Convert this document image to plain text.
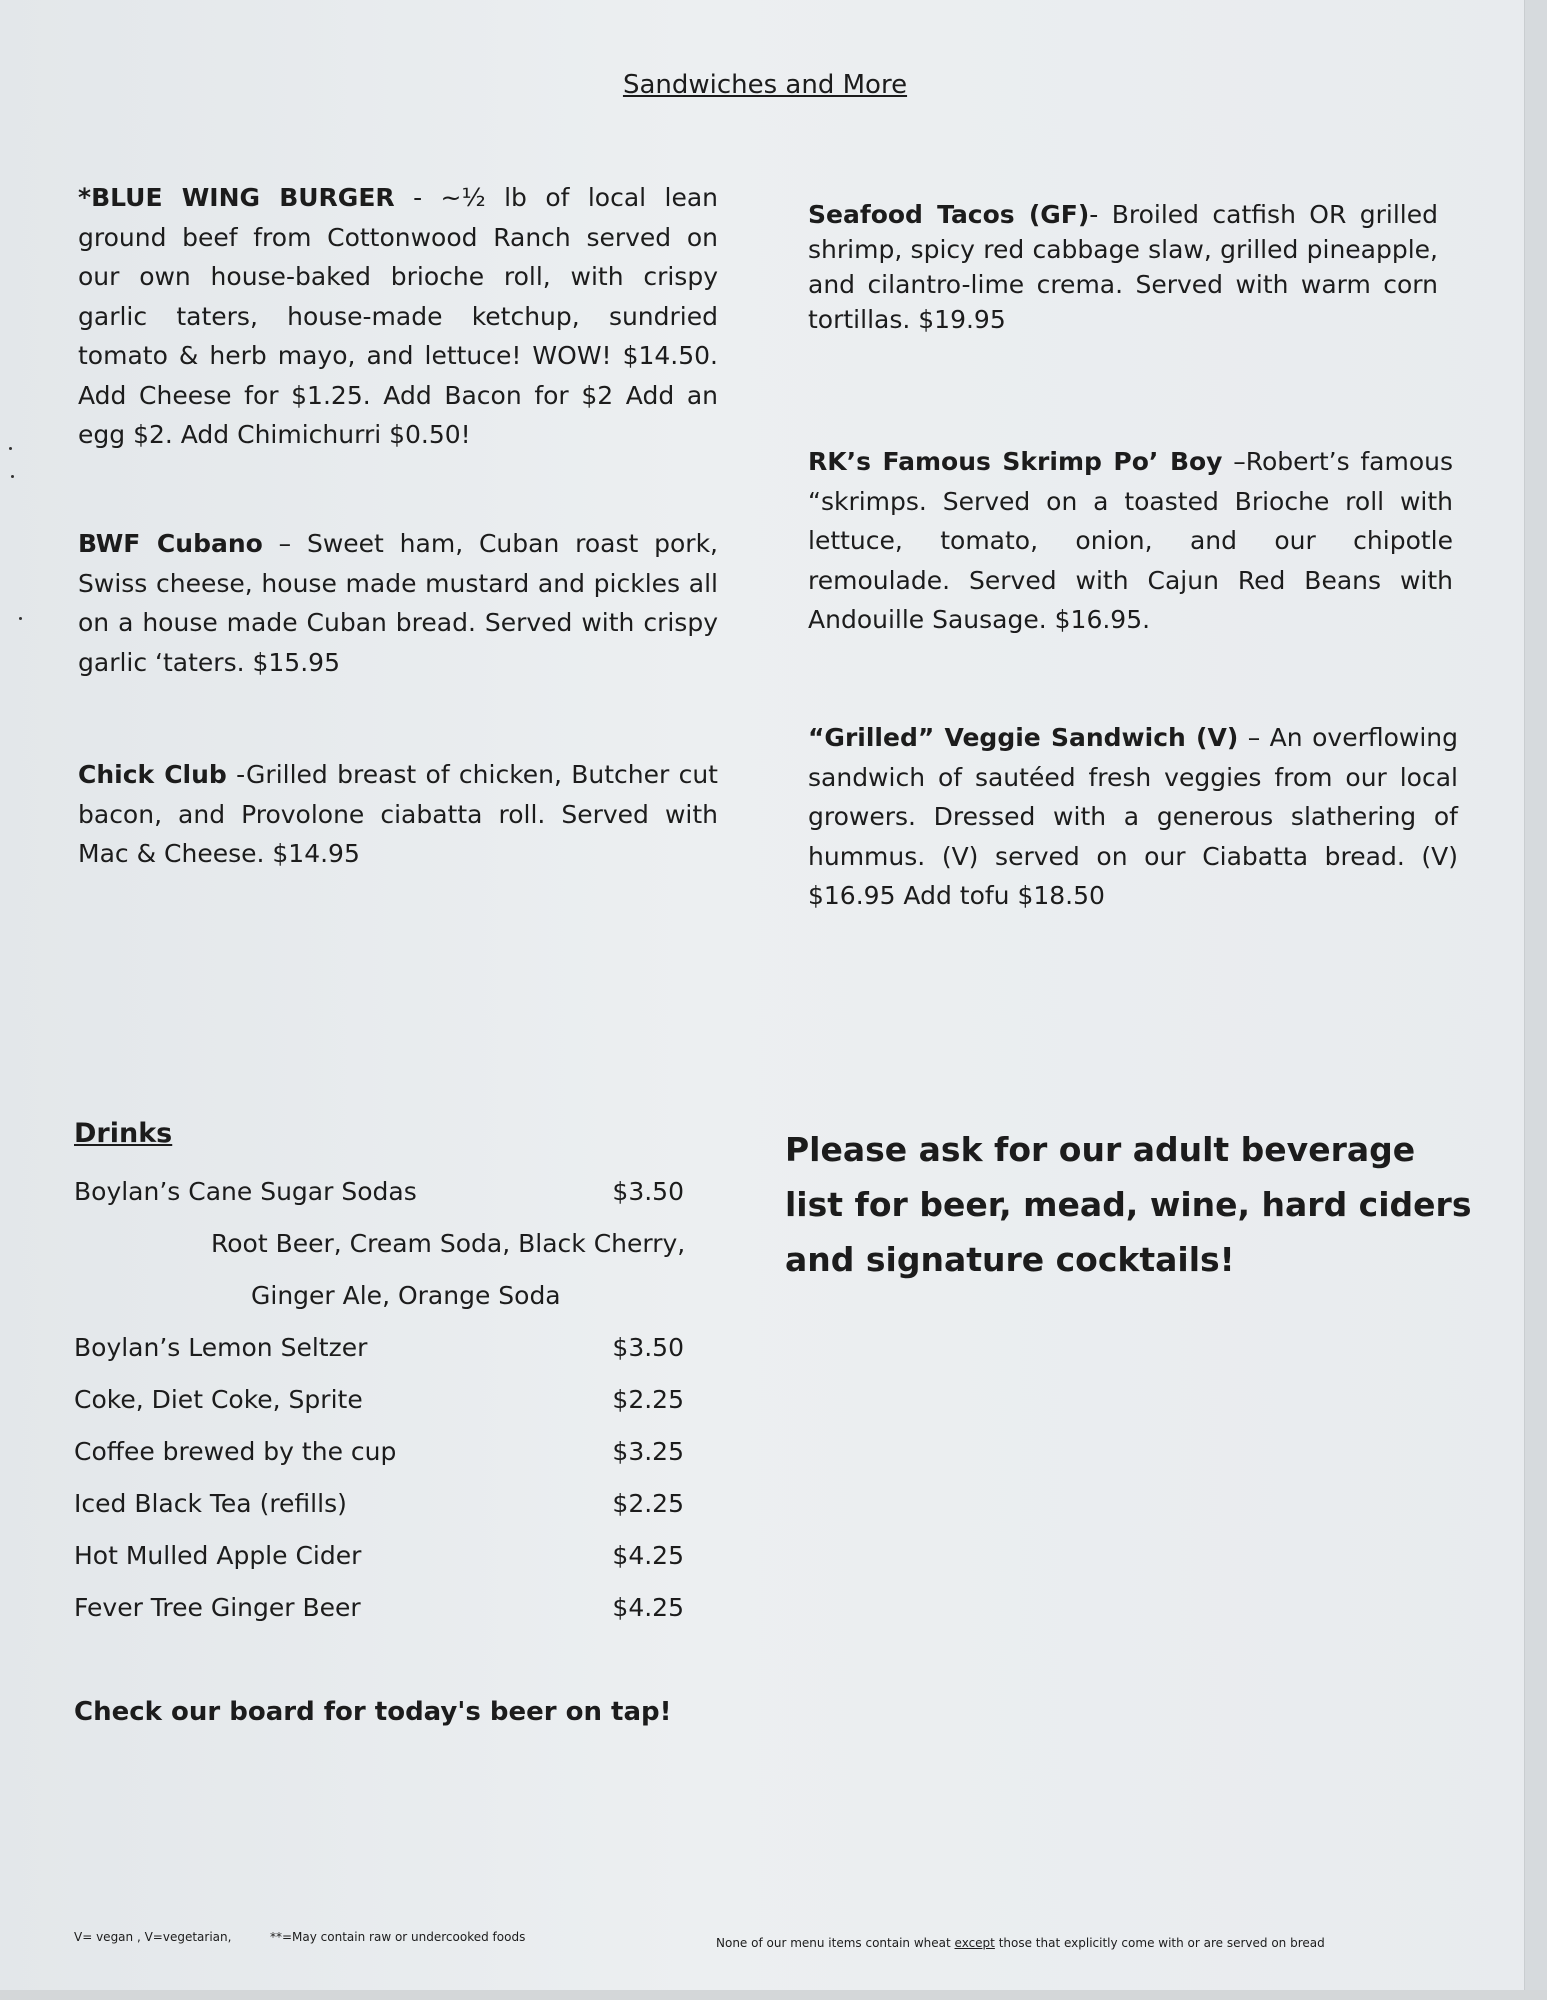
Sandwiches and More
*BLUE WING BURGER - ~½ lb of local lean ground beef from Cottonwood Ranch served on our own house-baked brioche roll, with crispy garlic taters, house-made ketchup, sundried tomato & herb mayo, and lettuce! WOW! $14.50. Add Cheese for $1.25. Add Bacon for $2 Add an egg $2. Add Chimichurri $0.50!
BWF Cubano – Sweet ham, Cuban roast pork, Swiss cheese, house made mustard and pickles all on a house made Cuban bread. Served with crispy garlic ‘taters. $15.95
Chick Club -Grilled breast of chicken, Butcher cut bacon, and Provolone ciabatta roll. Served with Mac & Cheese. $14.95
Seafood Tacos (GF)- Broiled catfish OR grilled shrimp, spicy red cabbage slaw, grilled pineapple, and cilantro-lime crema. Served with warm corn tortillas. $19.95
RK’s Famous Skrimp Po’ Boy –Robert’s famous “skrimps. Served on a toasted Brioche roll with lettuce, tomato, onion, and our chipotle remoulade. Served with Cajun Red Beans with Andouille Sausage. $16.95.
“Grilled” Veggie Sandwich (V) – An overflowing sandwich of sautéed fresh veggies from our local growers. Dressed with a generous slathering of hummus. (V) served on our Ciabatta bread. (V) $16.95 Add tofu $18.50
Drinks
Boylan’s Cane Sugar Sodas	$3.50
Root Beer, Cream Soda, Black Cherry,
Ginger Ale, Orange Soda
Boylan’s Lemon Seltzer	$3.50
Coke, Diet Coke, Sprite	$2.25
Coffee brewed by the cup	$3.25
Iced Black Tea (refills)	$2.25
Hot Mulled Apple Cider	$4.25
Fever Tree Ginger Beer	$4.25
Check our board for today's beer on tap!
Please ask for our adult beverage list for beer, mead, wine, hard ciders and signature cocktails!
V= vegan , V=vegetarian,	**=May contain raw or undercooked foods	None of our menu items contain wheat except those that explicitly come with or are served on bread
